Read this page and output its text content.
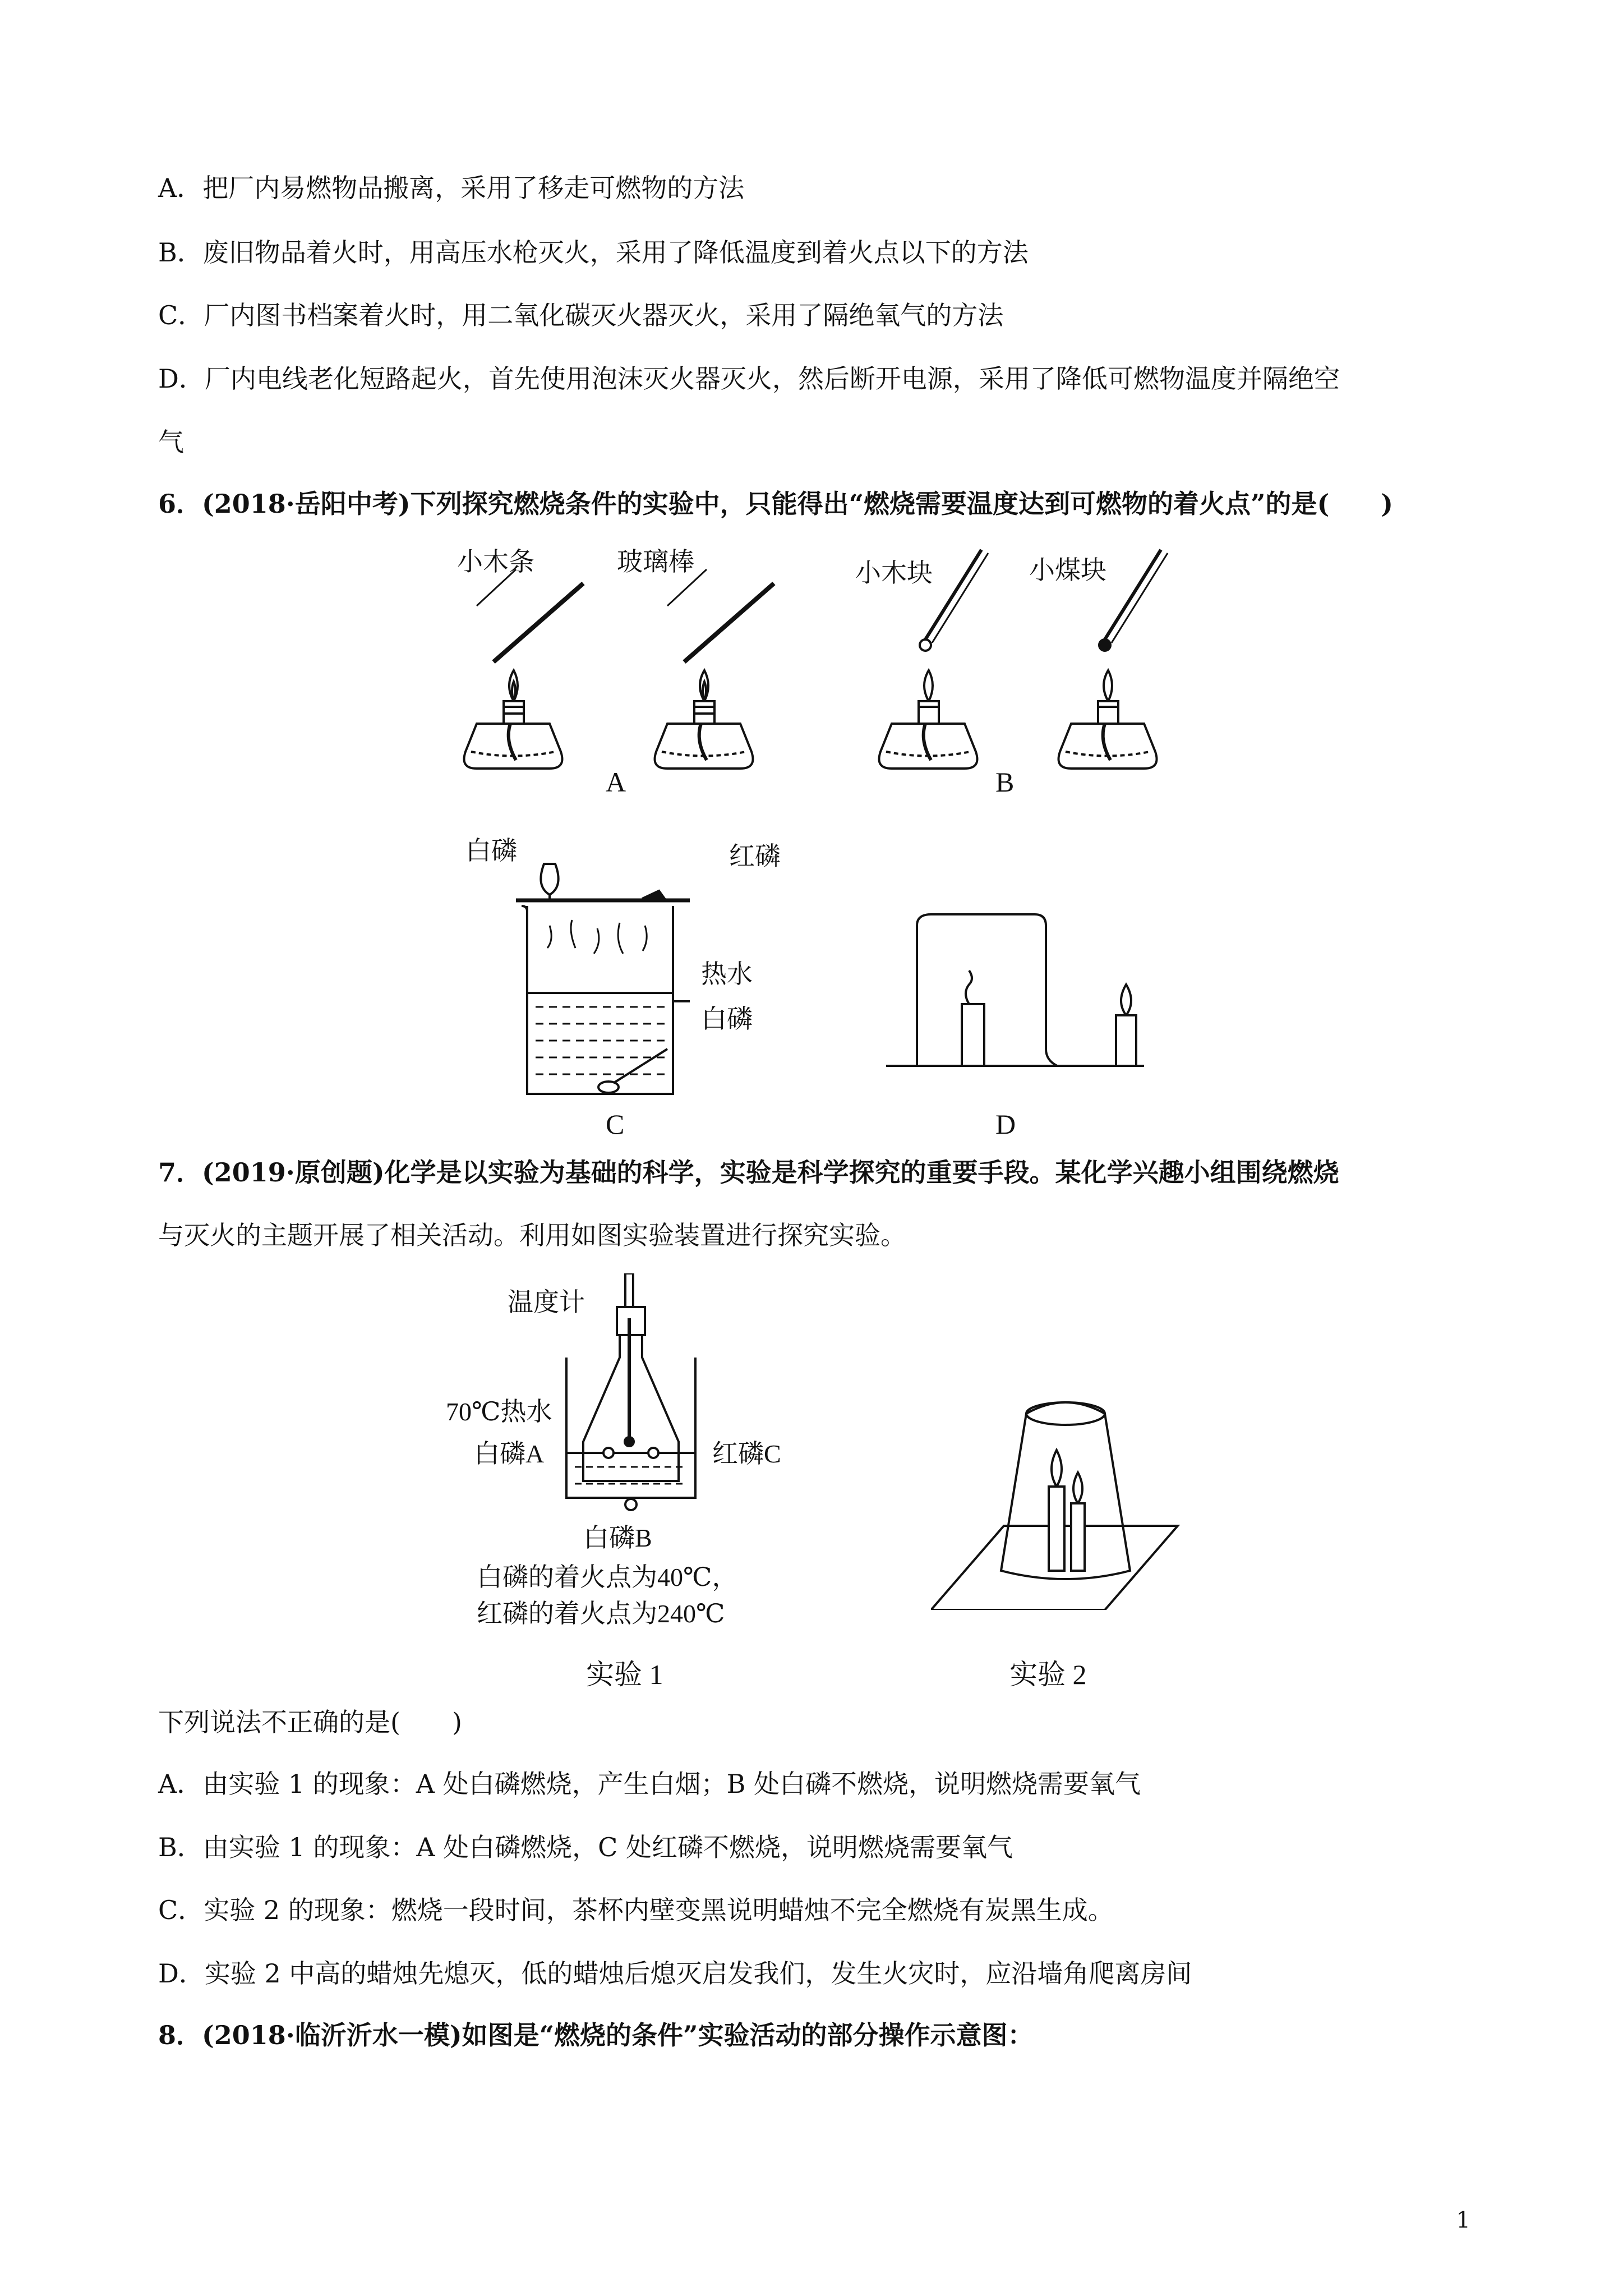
A．把厂内易燃物品搬离，采用了移走可燃物的方法
B．废旧物品着火时，用高压水枪灭火，采用了降低温度到着火点以下的方法
C．厂内图书档案着火时，用二氧化碳灭火器灭火，采用了隔绝氧气的方法
D．厂内电线老化短路起火，首先使用泡沫灭火器灭火，然后断开电源，采用了降低可燃物温度并隔绝空
气
6．(2018·岳阳中考)下列探究燃烧条件的实验中，只能得出“燃烧需要温度达到可燃物的着火点”的是(　　)
小木条	玻璃棒
A
小木块	小煤块
B
白磷	红磷
热水
白磷
C	D
7．(2019·原创题)化学是以实验为基础的科学，实验是科学探究的重要手段。某化学兴趣小组围绕燃烧
与灭火的主题开展了相关活动。利用如图实验装置进行探究实验。
温度计
70℃热水
白磷A	红磷C
白磷B
白磷的着火点为40℃，
红磷的着火点为240℃
实验 1	实验 2
下列说法不正确的是(　　)
A．由实验 1 的现象：A 处白磷燃烧，产生白烟；B 处白磷不燃烧，说明燃烧需要氧气
B．由实验 1 的现象：A 处白磷燃烧，C 处红磷不燃烧，说明燃烧需要氧气
C．实验 2 的现象：燃烧一段时间，茶杯内壁变黑说明蜡烛不完全燃烧有炭黑生成。
D．实验 2 中高的蜡烛先熄灭，低的蜡烛后熄灭启发我们，发生火灾时，应沿墙角爬离房间
8．(2018·临沂沂水一模)如图是“燃烧的条件”实验活动的部分操作示意图：
1
